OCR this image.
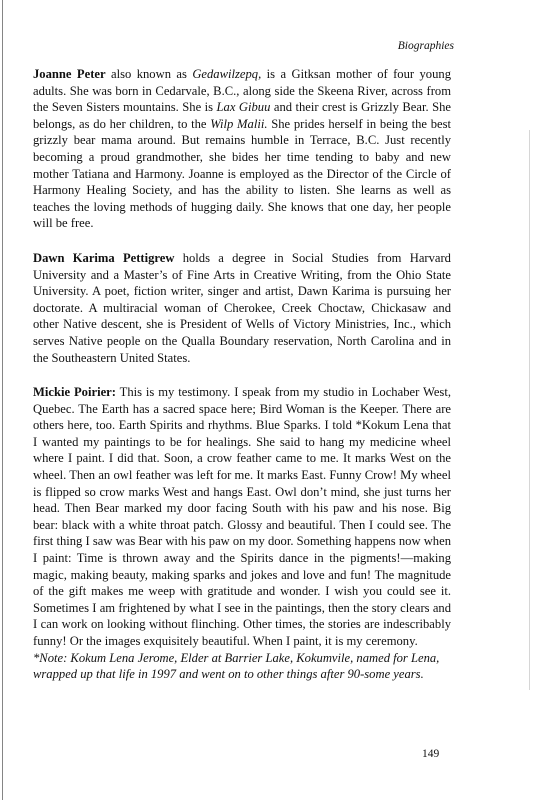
Biographies

Joanne Peter also known as Gedawilzepq, is a Gitksan mother of four young adults. She was born in Cedarvale, B.C., along side the Skeena River, across from the Seven Sisters mountains. She is Lax Gibuu and their crest is Grizzly Bear. She belongs, as do her children, to the Wilp Malii. She prides herself in being the best grizzly bear mama around. But remains humble in Terrace, B.C. Just recently becoming a proud grandmother, she bides her time tending to baby and new mother Tatiana and Harmony. Joanne is employed as the Director of the Circle of Harmony Healing Society, and has the ability to listen. She learns as well as teaches the loving methods of hugging daily. She knows that one day, her people will be free.

Dawn Karima Pettigrew holds a degree in Social Studies from Harvard University and a Master’s of Fine Arts in Creative Writing, from the Ohio State University. A poet, fiction writer, singer and artist, Dawn Karima is pursuing her doctorate. A multiracial woman of Cherokee, Creek Choctaw, Chickasaw and other Native descent, she is President of Wells of Victory Ministries, Inc., which serves Native people on the Qualla Boundary reservation, North Carolina and in the Southeastern United States.

Mickie Poirier: This is my testimony. I speak from my studio in Lochaber West, Quebec. The Earth has a sacred space here; Bird Woman is the Keeper. There are others here, too. Earth Spirits and rhythms. Blue Sparks. I told *Kokum Lena that I wanted my paintings to be for healings. She said to hang my medicine wheel where I paint. I did that. Soon, a crow feather came to me. It marks West on the wheel. Then an owl feather was left for me. It marks East. Funny Crow! My wheel is flipped so crow marks West and hangs East. Owl don’t mind, she just turns her head. Then Bear marked my door facing South with his paw and his nose. Big bear: black with a white throat patch. Glossy and beautiful. Then I could see. The first thing I saw was Bear with his paw on my door. Something happens now when I paint: Time is thrown away and the Spirits dance in the pigments!—making magic, making beauty, making sparks and jokes and love and fun! The magnitude of the gift makes me weep with gratitude and wonder. I wish you could see it. Sometimes I am frightened by what I see in the paintings, then the story clears and I can work on looking without flinching. Other times, the stories are indescribably funny! Or the images exquisitely beautiful. When I paint, it is my ceremony.

*Note: Kokum Lena Jerome, Elder at Barrier Lake, Kokumvile, named for Lena, wrapped up that life in 1997 and went on to other things after 90-some years.

149
